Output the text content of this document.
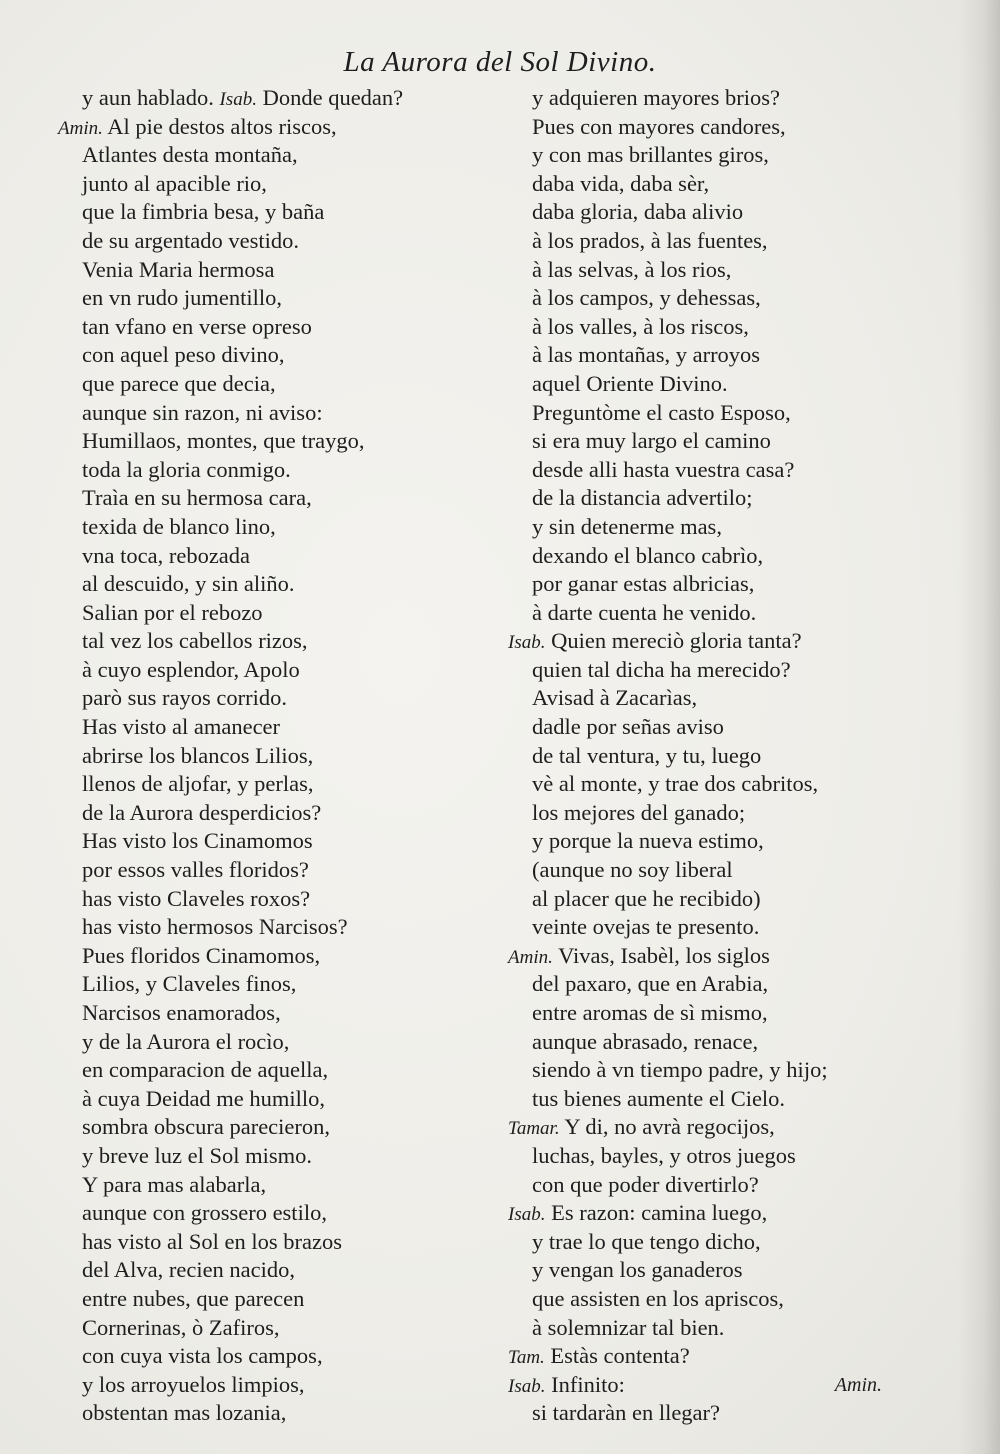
La Aurora del Sol Divino.
y aun hablado. Isab. Donde quedan?
Amin. Al pie destos altos riscos,
Atlantes desta montaña,
junto al apacible rio,
que la fimbria besa, y baña
de su argentado vestido.
Venia Maria hermosa
en vn rudo jumentillo,
tan vfano en verse opreso
con aquel peso divino,
que parece que decia,
aunque sin razon, ni aviso:
Humillaos, montes, que traygo,
toda la gloria conmigo.
Traìa en su hermosa cara,
texida de blanco lino,
vna toca, rebozada
al descuido, y sin aliño.
Salian por el rebozo
tal vez los cabellos rizos,
à cuyo esplendor, Apolo
parò sus rayos corrido.
Has visto al amanecer
abrirse los blancos Lilios,
llenos de aljofar, y perlas,
de la Aurora desperdicios?
Has visto los Cinamomos
por essos valles floridos?
has visto Claveles roxos?
has visto hermosos Narcisos?
Pues floridos Cinamomos,
Lilios, y Claveles finos,
Narcisos enamorados,
y de la Aurora el rocìo,
en comparacion de aquella,
à cuya Deidad me humillo,
sombra obscura parecieron,
y breve luz el Sol mismo.
Y para mas alabarla,
aunque con grossero estilo,
has visto al Sol en los brazos
del Alva, recien nacido,
entre nubes, que parecen
Cornerinas, ò Zafiros,
con cuya vista los campos,
y los arroyuelos limpios,
obstentan mas lozania,
y adquieren mayores brios?
Pues con mayores candores,
y con mas brillantes giros,
daba vida, daba sèr,
daba gloria, daba alivio
à los prados, à las fuentes,
à las selvas, à los rios,
à los campos, y dehessas,
à los valles, à los riscos,
à las montañas, y arroyos
aquel Oriente Divino.
Preguntòme el casto Esposo,
si era muy largo el camino
desde alli hasta vuestra casa?
de la distancia advertilo;
y sin detenerme mas,
dexando el blanco cabrìo,
por ganar estas albricias,
à darte cuenta he venido.
Isab. Quien mereciò gloria tanta?
quien tal dicha ha merecido?
Avisad à Zacarìas,
dadle por señas aviso
de tal ventura, y tu, luego
vè al monte, y trae dos cabritos,
los mejores del ganado;
y porque la nueva estimo,
(aunque no soy liberal
al placer que he recibido)
veinte ovejas te presento.
Amin. Vivas, Isabèl, los siglos
del paxaro, que en Arabia,
entre aromas de sì mismo,
aunque abrasado, renace,
siendo à vn tiempo padre, y hijo;
tus bienes aumente el Cielo.
Tamar. Y di, no avrà regocijos,
luchas, bayles, y otros juegos
con que poder divertirlo?
Isab. Es razon: camina luego,
y trae lo que tengo dicho,
y vengan los ganaderos
que assisten en los apriscos,
à solemnizar tal bien.
Tam. Estàs contenta?
Isab. Infinito:
si tardaràn en llegar?
Amin.
